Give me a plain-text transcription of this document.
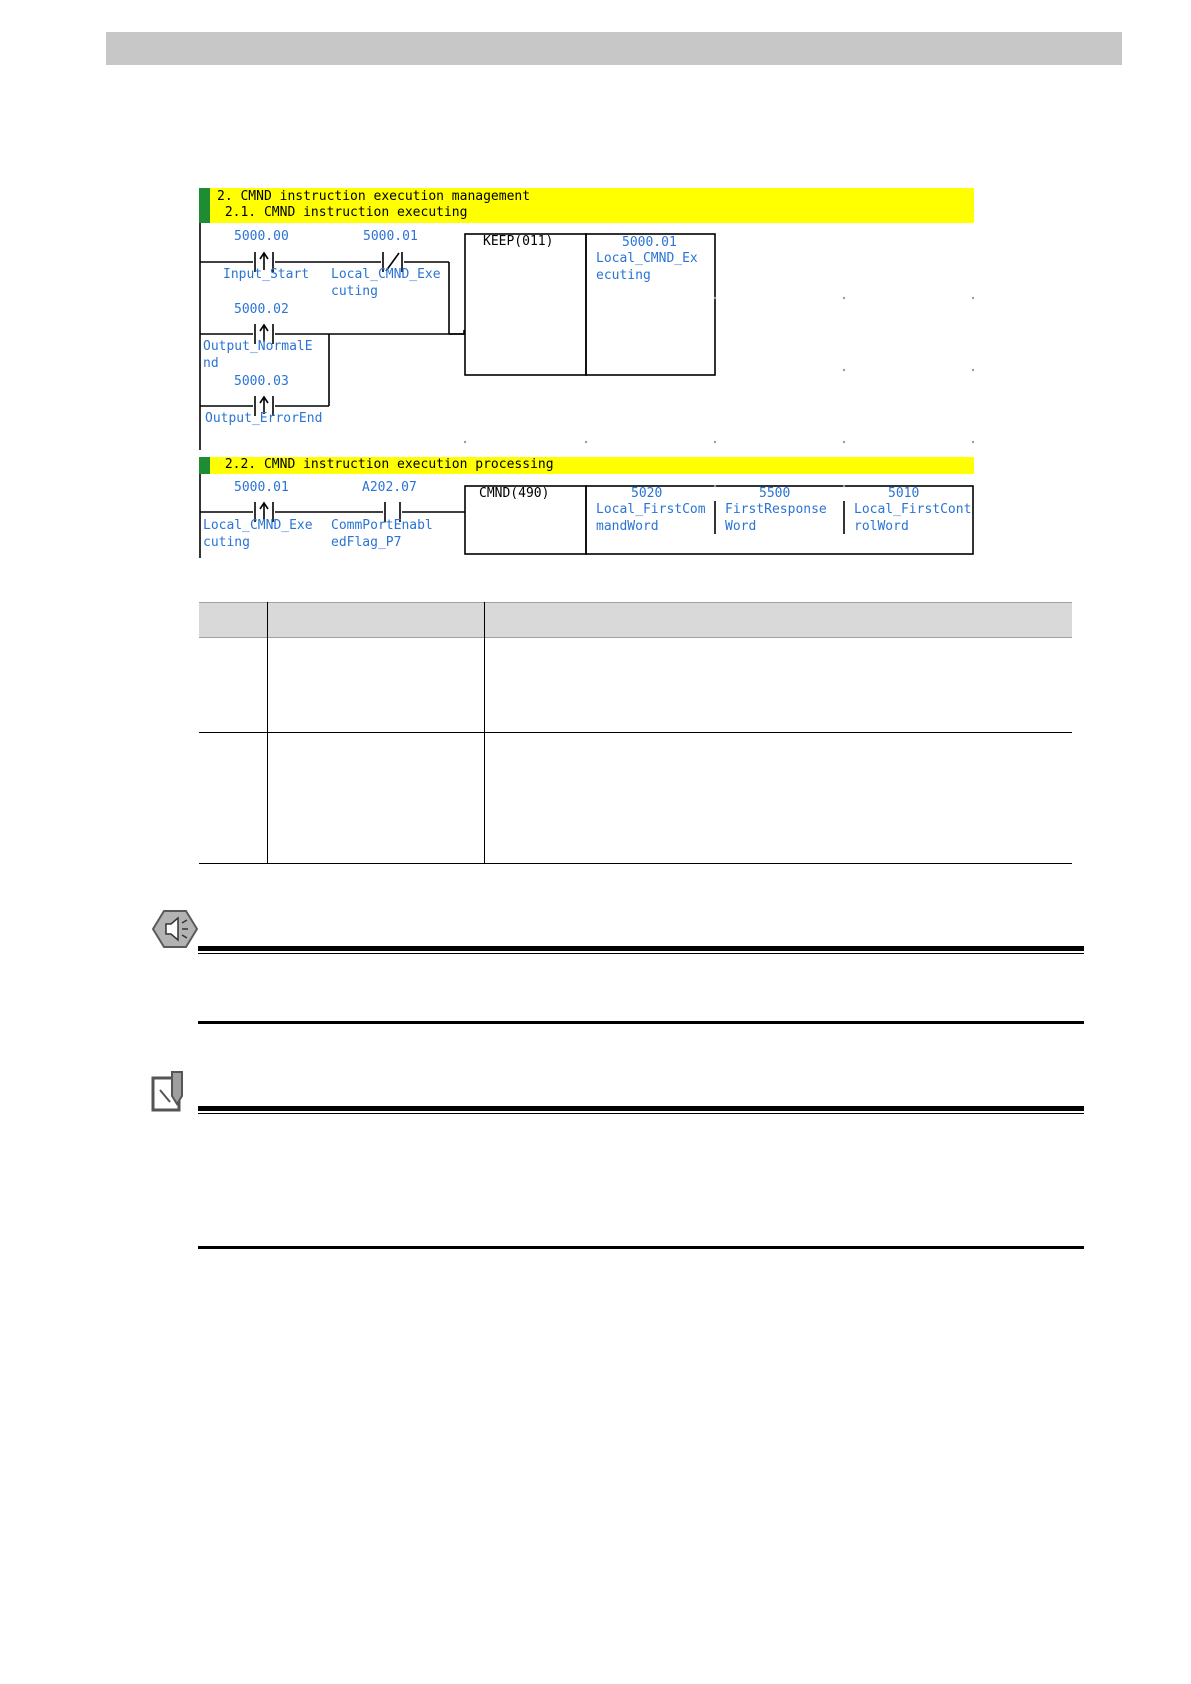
2. CMND instruction execution management
2.1. CMND instruction executing
2.2. CMND instruction execution processing
5000.00
Input_Start
5000.01
Local_CMND_Exe
cuting
5000.02
Output_NormalE
nd
5000.03
Output_ErrorEnd
KEEP(011)	5000.01
Local_CMND_Ex
ecuting
5000.01
Local_CMND_Exe
cuting
A202.07
CommPortEnabl
edFlag_P7
CMND(490)	5020
Local_FirstCom
mandWord
5500
FirstResponse
Word
5010
Local_FirstCont
rolWord
